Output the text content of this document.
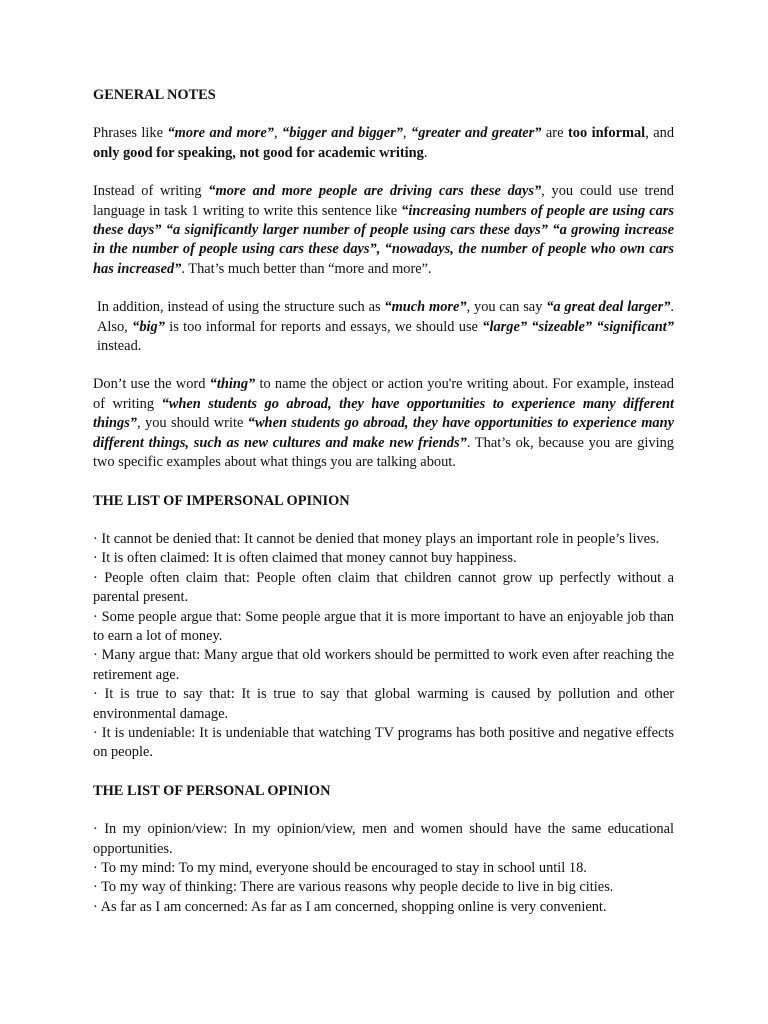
GENERAL NOTES

Phrases like “more and more”, “bigger and bigger”, “greater and greater” are too informal, and only good for speaking, not good for academic writing.

Instead of writing “more and more people are driving cars these days”, you could use trend language in task 1 writing to write this sentence like “increasing numbers of people are using cars these days” “a significantly larger number of people using cars these days” “a growing increase in the number of people using cars these days”, “nowadays, the number of people who own cars has increased”. That’s much better than “more and more”.

In addition, instead of using the structure such as “much more”, you can say “a great deal larger”. Also, “big” is too informal for reports and essays, we should use “large” “sizeable” “significant” instead.

Don’t use the word “thing” to name the object or action you're writing about. For example, instead of writing “when students go abroad, they have opportunities to experience many different things”, you should write “when students go abroad, they have opportunities to experience many different things, such as new cultures and make new friends”. That’s ok, because you are giving two specific examples about what things you are talking about.

THE LIST OF IMPERSONAL OPINION

· It cannot be denied that: It cannot be denied that money plays an important role in people’s lives.

· It is often claimed: It is often claimed that money cannot buy happiness.

· People often claim that: People often claim that children cannot grow up perfectly without a parental present.

· Some people argue that: Some people argue that it is more important to have an enjoyable job than to earn a lot of money.

· Many argue that: Many argue that old workers should be permitted to work even after reaching the retirement age.

· It is true to say that: It is true to say that global warming is caused by pollution and other environmental damage.

· It is undeniable: It is undeniable that watching TV programs has both positive and negative effects on people.

THE LIST OF PERSONAL OPINION

· In my opinion/view: In my opinion/view, men and women should have the same educational opportunities.

· To my mind: To my mind, everyone should be encouraged to stay in school until 18.

· To my way of thinking: There are various reasons why people decide to live in big cities.

· As far as I am concerned: As far as I am concerned, shopping online is very convenient.
